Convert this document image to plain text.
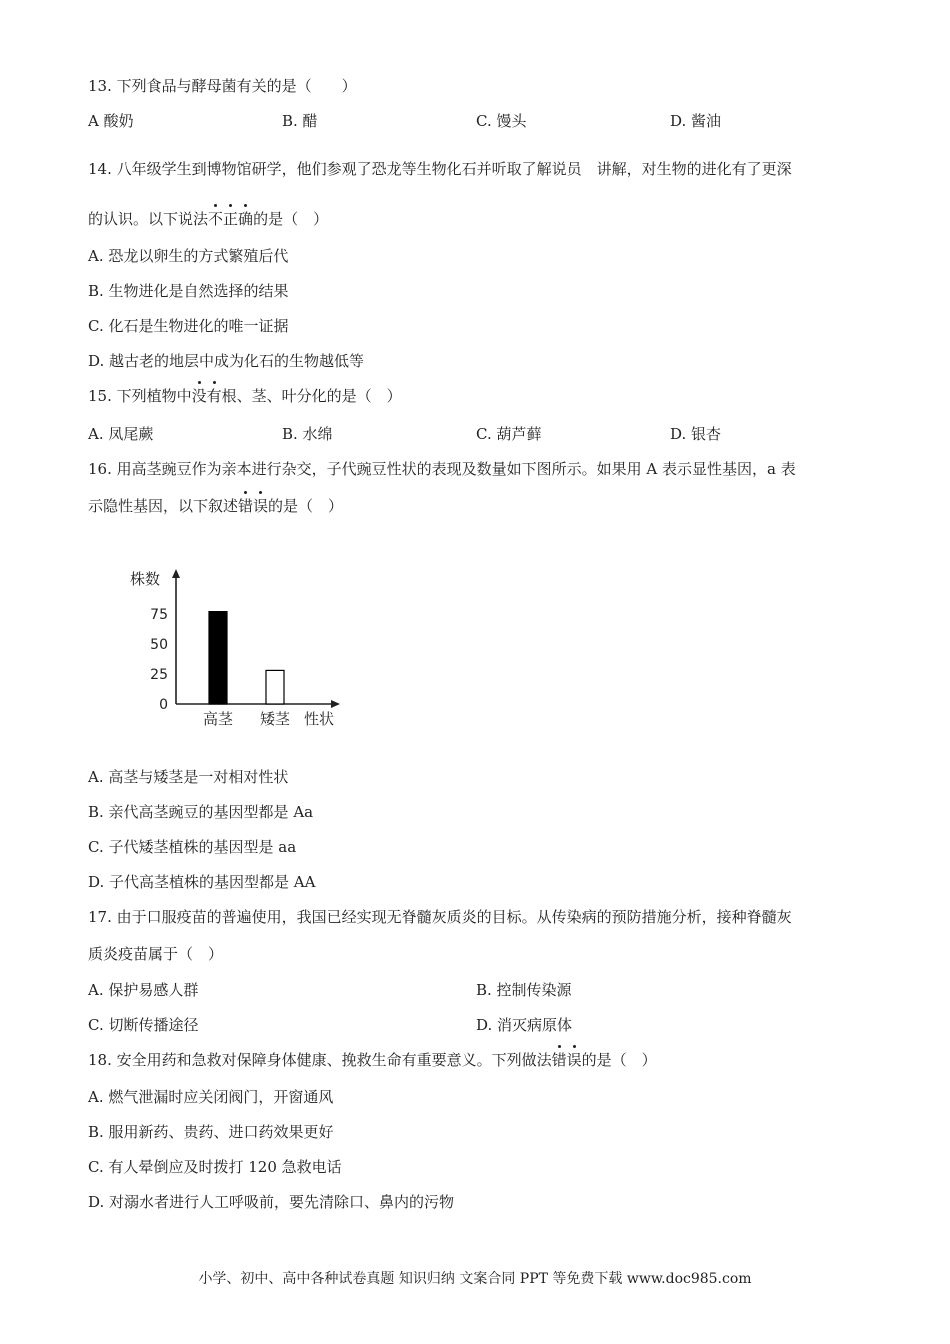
13. 下列食品与酵母菌有关的是（　　）
A 酸奶	B. 醋	C. 馒头	D. 酱油
14. 八年级学生到博物馆研学，他们参观了恐龙等生物化石并听取了解说员　讲解，对生物的进化有了更深
的认识。以下说法不正确的是（　）
A. 恐龙以卵生的方式繁殖后代
B. 生物进化是自然选择的结果
C. 化石是生物进化的唯一证据
D. 越古老的地层中成为化石的生物越低等
15. 下列植物中没有根、茎、叶分化的是（　）
A. 凤尾蕨	B. 水绵	C. 葫芦藓	D. 银杏
16. 用高茎豌豆作为亲本进行杂交，子代豌豆性状的表现及数量如下图所示。如果用 A 表示显性基因，a 表
示隐性基因，以下叙述错误的是（　）
株数
0
25
50
75
高茎 矮茎 性状
A. 高茎与矮茎是一对相对性状
B. 亲代高茎豌豆的基因型都是 Aa
C. 子代矮茎植株的基因型是 aa
D. 子代高茎植株的基因型都是 AA
17. 由于口服疫苗的普遍使用，我国已经实现无脊髓灰质炎的目标。从传染病的预防措施分析，接种脊髓灰
质炎疫苗属于（　）
A. 保护易感人群	B. 控制传染源
C. 切断传播途径	D. 消灭病原体
18. 安全用药和急救对保障身体健康、挽救生命有重要意义。下列做法错误的是（　）
A. 燃气泄漏时应关闭阀门，开窗通风
B. 服用新药、贵药、进口药效果更好
C. 有人晕倒应及时拨打 120 急救电话
D. 对溺水者进行人工呼吸前，要先清除口、鼻内的污物
小学、初中、高中各种试卷真题 知识归纳 文案合同 PPT 等免费下载 www.doc985.com
